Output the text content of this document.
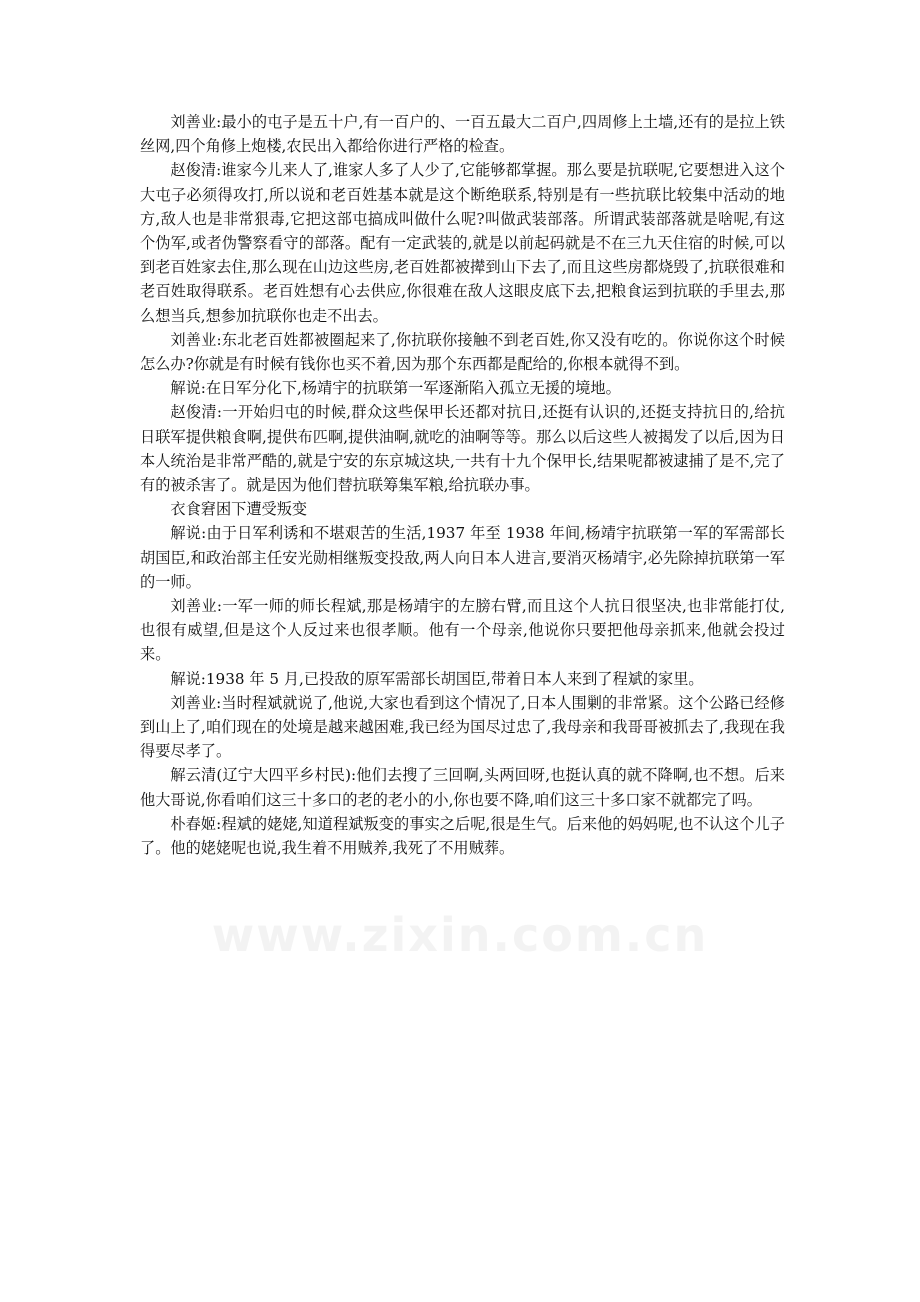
刘善业:最小的屯子是五十户,有一百户的、一百五最大二百户,四周修上土墙,还有的是拉上铁丝网,四个角修上炮楼,农民出入都给你进行严格的检查。

赵俊清:谁家今儿来人了,谁家人多了人少了,它能够都掌握。那么要是抗联呢,它要想进入这个大屯子必须得攻打,所以说和老百姓基本就是这个断绝联系,特别是有一些抗联比较集中活动的地方,敌人也是非常狠毒,它把这部屯搞成叫做什么呢?叫做武装部落。所谓武装部落就是啥呢,有这个伪军,或者伪警察看守的部落。配有一定武装的,就是以前起码就是不在三九天住宿的时候,可以到老百姓家去住,那么现在山边这些房,老百姓都被撵到山下去了,而且这些房都烧毁了,抗联很难和老百姓取得联系。老百姓想有心去供应,你很难在敌人这眼皮底下去,把粮食运到抗联的手里去,那么想当兵,想参加抗联你也走不出去。

刘善业:东北老百姓都被圈起来了,你抗联你接触不到老百姓,你又没有吃的。你说你这个时候怎么办?你就是有时候有钱你也买不着,因为那个东西都是配给的,你根本就得不到。

解说:在日军分化下,杨靖宇的抗联第一军逐渐陷入孤立无援的境地。

赵俊清:一开始归屯的时候,群众这些保甲长还都对抗日,还挺有认识的,还挺支持抗日的,给抗日联军提供粮食啊,提供布匹啊,提供油啊,就吃的油啊等等。那么以后这些人被揭发了以后,因为日本人统治是非常严酷的,就是宁安的东京城这块,一共有十九个保甲长,结果呢都被逮捕了是不,完了有的被杀害了。就是因为他们替抗联筹集军粮,给抗联办事。

衣食窘困下遭受叛变

解说:由于日军利诱和不堪艰苦的生活,1937 年至 1938 年间,杨靖宇抗联第一军的军需部长胡国臣,和政治部主任安光勋相继叛变投敌,两人向日本人进言,要消灭杨靖宇,必先除掉抗联第一军的一师。

刘善业:一军一师的师长程斌,那是杨靖宇的左膀右臂,而且这个人抗日很坚决,也非常能打仗,也很有威望,但是这个人反过来也很孝顺。他有一个母亲,他说你只要把他母亲抓来,他就会投过来。

解说:1938 年 5 月,已投敌的原军需部长胡国臣,带着日本人来到了程斌的家里。

刘善业:当时程斌就说了,他说,大家也看到这个情况了,日本人围剿的非常紧。这个公路已经修到山上了,咱们现在的处境是越来越困难,我已经为国尽过忠了,我母亲和我哥哥被抓去了,我现在我得要尽孝了。

解云清(辽宁大四平乡村民):他们去搜了三回啊,头两回呀,也挺认真的就不降啊,也不想。后来他大哥说,你看咱们这三十多口的老的老小的小,你也要不降,咱们这三十多口家不就都完了吗。

朴春姬:程斌的姥姥,知道程斌叛变的事实之后呢,很是生气。后来他的妈妈呢,也不认这个儿子了。他的姥姥呢也说,我生着不用贼养,我死了不用贼葬。

www.zixin.com.cn
